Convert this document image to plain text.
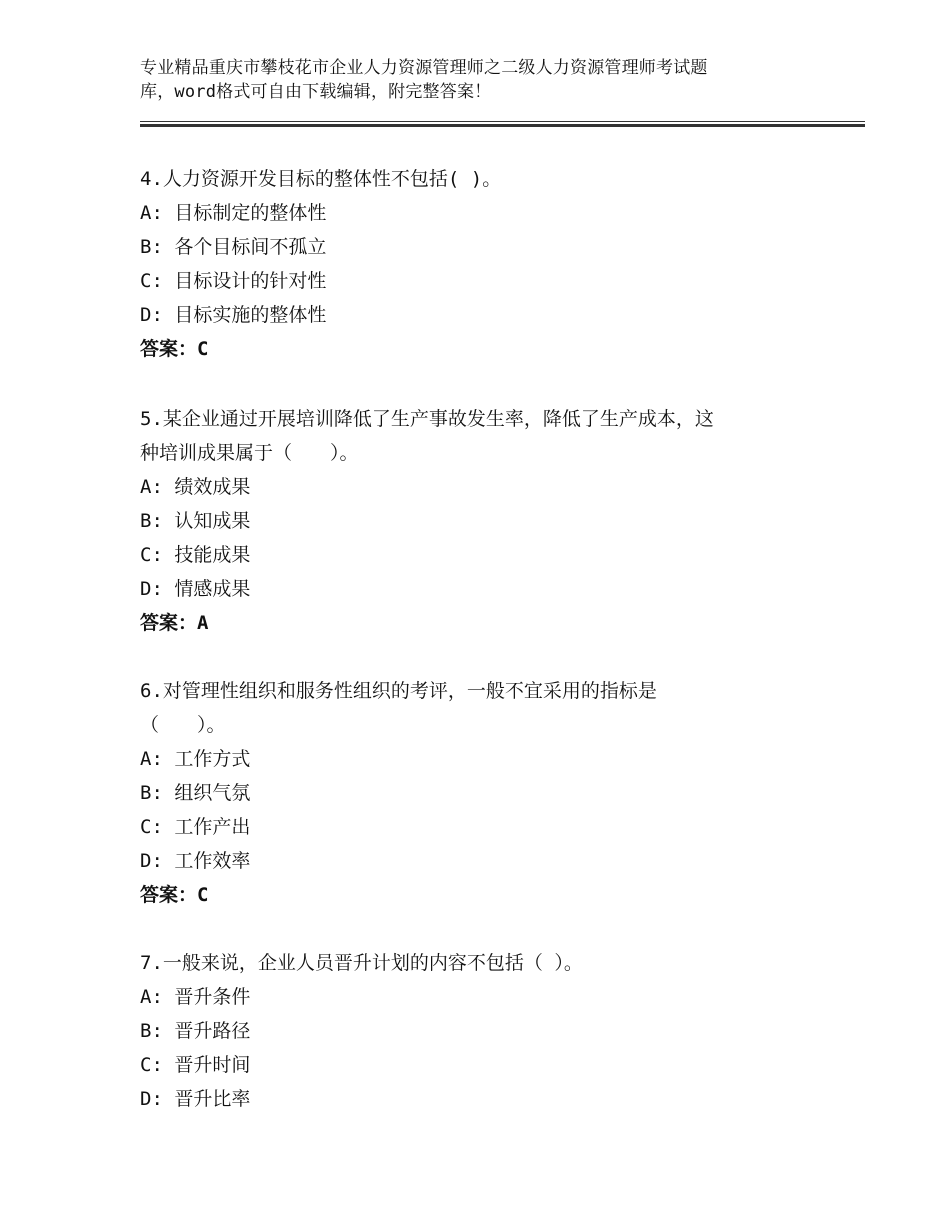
专业精品重庆市攀枝花市企业人力资源管理师之二级人力资源管理师考试题
库，word格式可自由下载编辑，附完整答案！
4.人力资源开发目标的整体性不包括( )。
A: 目标制定的整体性
B: 各个目标间不孤立
C: 目标设计的针对性
D: 目标实施的整体性
答案：C
5.某企业通过开展培训降低了生产事故发生率，降低了生产成本，这
种培训成果属于（　　）。
A: 绩效成果
B: 认知成果
C: 技能成果
D: 情感成果
答案：A
6.对管理性组织和服务性组织的考评，一般不宜采用的指标是
（　　）。
A: 工作方式
B: 组织气氛
C: 工作产出
D: 工作效率
答案：C
7.一般来说，企业人员晋升计划的内容不包括（ ）。
A: 晋升条件
B: 晋升路径
C: 晋升时间
D: 晋升比率
